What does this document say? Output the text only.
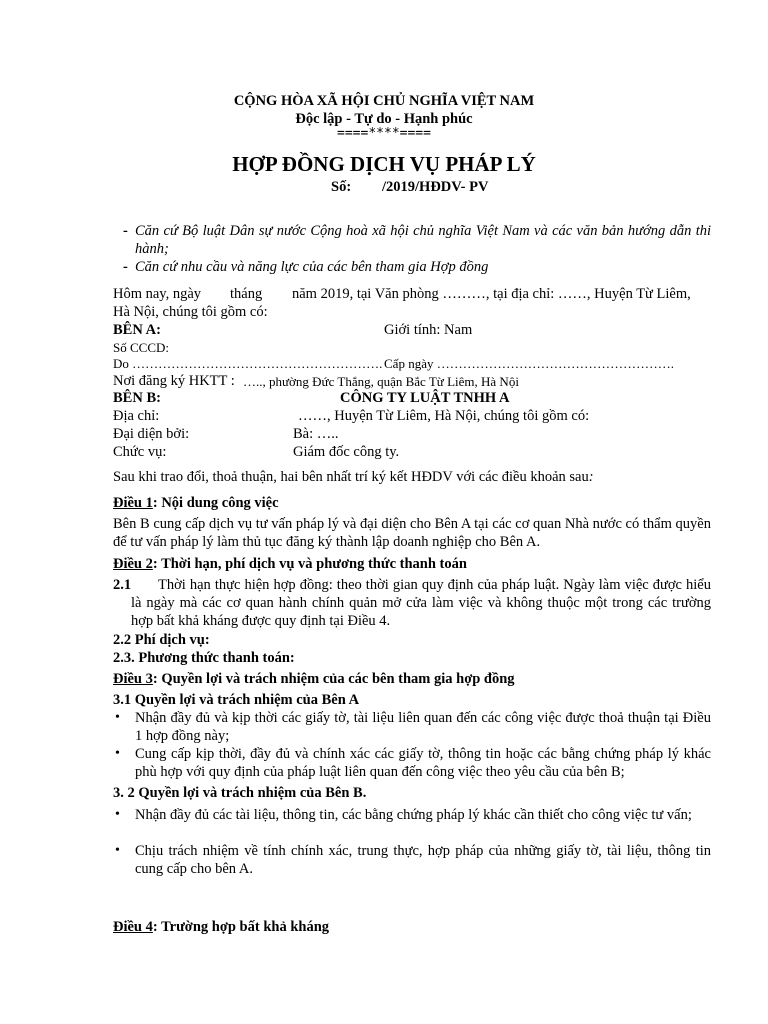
CỘNG HÒA XÃ HỘI CHỦ NGHĨA VIỆT NAM
Độc lập - Tự do - Hạnh phúc
====****====
HỢP ĐỒNG DỊCH VỤ PHÁP LÝ
Số: /2019/HĐDV- PV
- Căn cứ Bộ luật Dân sự nước Cộng hoà xã hội chủ nghĩa Việt Nam và các văn bản hướng dẫn thi hành;
- Căn cứ nhu cầu và năng lực của các bên tham gia Hợp đồng
Hôm nay, ngày tháng năm 2019, tại Văn phòng ………, tại địa chỉ: ……, Huyện Từ Liêm,
Hà Nội, chúng tôi gồm có:
BÊN A:	Giới tính: Nam
Số CCCD:
Do …………………………………………………. Cấp ngày ……………………………………………….
Nơi đăng ký HKTT : ….., phường Đức Thắng, quận Bắc Từ Liêm, Hà Nội
BÊN B:	CÔNG TY LUẬT TNHH A
Địa chỉ:	……, Huyện Từ Liêm, Hà Nội, chúng tôi gồm có:
Đại diện bởi:	Bà: …..
Chức vụ:	Giám đốc công ty.
Sau khi trao đổi, thoả thuận, hai bên nhất trí ký kết HĐDV với các điều khoản sau:
Điều 1: Nội dung công việc
Bên B cung cấp dịch vụ tư vấn pháp lý và đại diện cho Bên A tại các cơ quan Nhà nước có thẩm quyền để tư vấn pháp lý làm thủ tục đăng ký thành lập doanh nghiệp cho Bên A.
Điều 2: Thời hạn, phí dịch vụ và phương thức thanh toán
2.1	Thời hạn thực hiện hợp đồng: theo thời gian quy định của pháp luật. Ngày làm việc được hiểu là ngày mà các cơ quan hành chính quản mở cửa làm việc và không thuộc một trong các trường hợp bất khả kháng được quy định tại Điều 4.
2.2 Phí dịch vụ:
2.3. Phương thức thanh toán:
Điều 3: Quyền lợi và trách nhiệm của các bên tham gia hợp đồng
3.1 Quyền lợi và trách nhiệm của Bên A
•	Nhận đầy đủ và kịp thời các giấy tờ, tài liệu liên quan đến các công việc được thoả thuận tại Điều 1 hợp đồng này;
•	Cung cấp kịp thời, đầy đủ và chính xác các giấy tờ, thông tin hoặc các bằng chứng pháp lý khác phù hợp với quy định của pháp luật liên quan đến công việc theo yêu cầu của bên B;
3. 2 Quyền lợi và trách nhiệm của Bên B.
•	Nhận đầy đủ các tài liệu, thông tin, các bằng chứng pháp lý khác cần thiết cho công việc tư vấn;
•	Chịu trách nhiệm về tính chính xác, trung thực, hợp pháp của những giấy tờ, tài liệu, thông tin cung cấp cho bên A.
Điều 4: Trường hợp bất khả kháng
